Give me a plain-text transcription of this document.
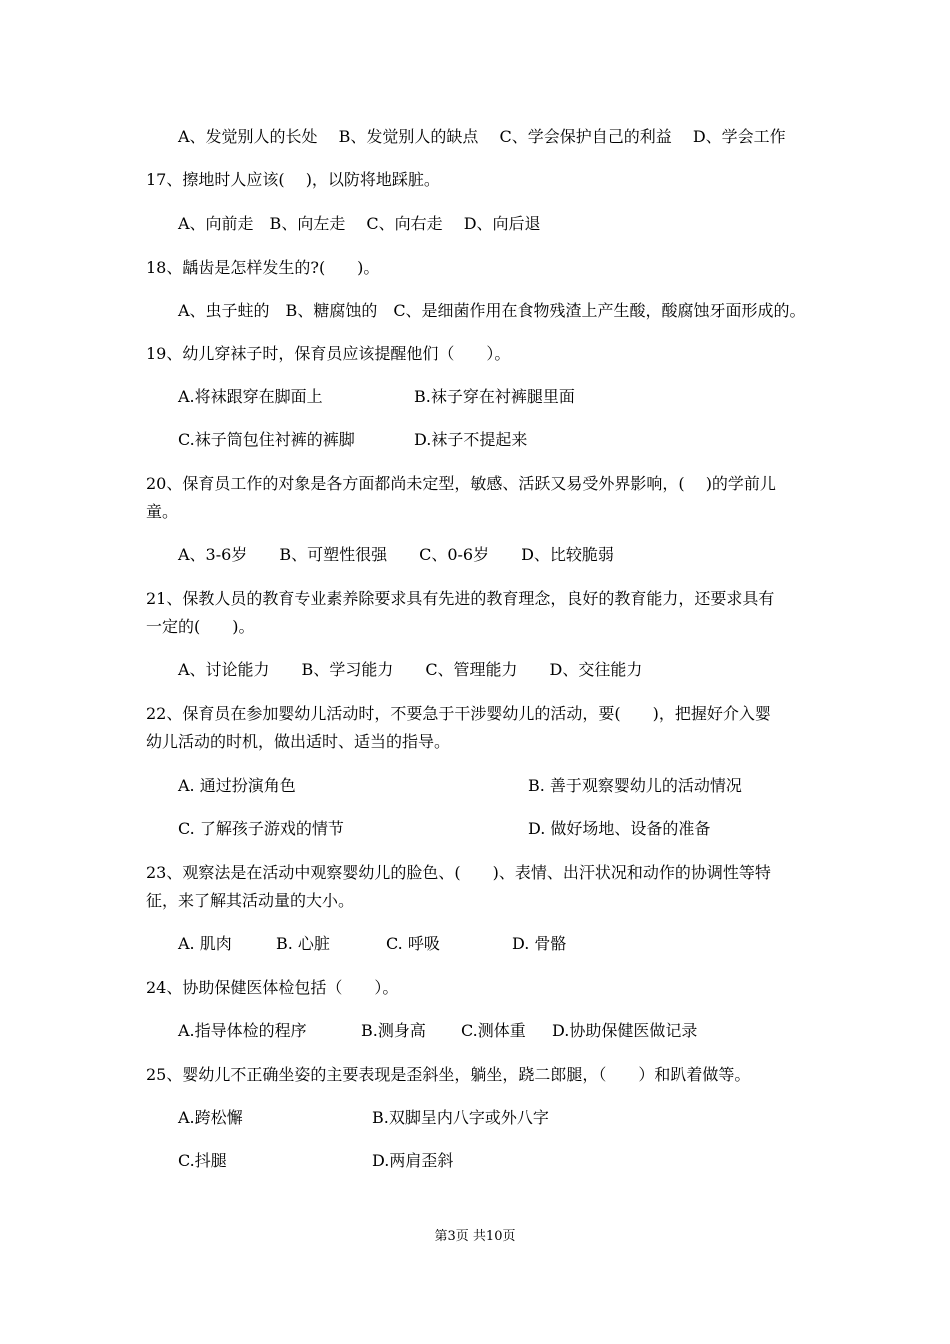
A、发觉别人的长处　 B、发觉别人的缺点　 C、学会保护自己的利益　 D、学会工作
17、擦地时人应该(　 )，以防将地踩脏。
A、向前走　B、向左走　 C、向右走　 D、向后退
18、龋齿是怎样发生的?(　　)。
A、虫子蛀的　B、糖腐蚀的　C、是细菌作用在食物残渣上产生酸，酸腐蚀牙面形成的。
19、幼儿穿袜子时，保育员应该提醒他们（　　）。
A.将袜跟穿在脚面上	B.袜子穿在衬裤腿里面
C.袜子筒包住衬裤的裤脚	D.袜子不提起来
20、保育员工作的对象是各方面都尚未定型，敏感、活跃又易受外界影响，(　 )的学前儿
童。
A、3-6岁　　B、可塑性很强　　C、0-6岁　　D、比较脆弱
21、保教人员的教育专业素养除要求具有先进的教育理念，良好的教育能力，还要求具有
一定的(　　)。
A、讨论能力　　B、学习能力　　C、管理能力　　D、交往能力
22、保育员在参加婴幼儿活动时，不要急于干涉婴幼儿的活动，要(　　)，把握好介入婴
幼儿活动的时机，做出适时、适当的指导。
A. 通过扮演角色	B. 善于观察婴幼儿的活动情况
C. 了解孩子游戏的情节	D. 做好场地、设备的准备
23、观察法是在活动中观察婴幼儿的脸色、(　　)、表情、出汗状况和动作的协调性等特
征，来了解其活动量的大小。
A. 肌肉	B. 心脏	C. 呼吸	D. 骨骼
24、协助保健医体检包括（　　）。
A.指导体检的程序	B.测身高 C.测体重 D.协助保健医做记录
25、婴幼儿不正确坐姿的主要表现是歪斜坐，躺坐，跷二郎腿，（　　）和趴着做等。
A.跨松懈	B.双脚呈内八字或外八字
C.抖腿	D.两肩歪斜
第3页 共10页
